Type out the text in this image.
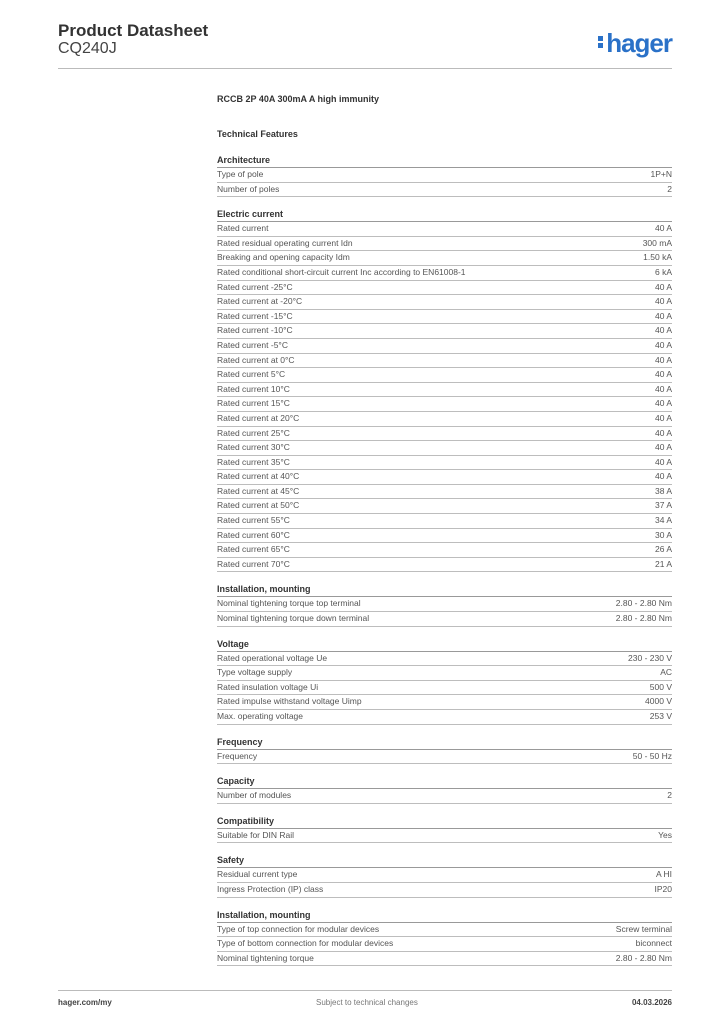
Product Datasheet
CQ240J	hager
RCCB 2P 40A 300mA A high immunity
Technical Features
Architecture
Type of pole	1P+N
Number of poles	2
Electric current
Rated current	40 A
Rated residual operating current Idn	300 mA
Breaking and opening capacity Idm	1.50 kA
Rated conditional short-circuit current Inc according to EN61008-1	6 kA
Rated current -25°C	40 A
Rated current at -20°C	40 A
Rated current -15°C	40 A
Rated current -10°C	40 A
Rated current -5°C	40 A
Rated current at 0°C	40 A
Rated current 5°C	40 A
Rated current 10°C	40 A
Rated current 15°C	40 A
Rated current at 20°C	40 A
Rated current 25°C	40 A
Rated current 30°C	40 A
Rated current 35°C	40 A
Rated current at 40°C	40 A
Rated current at 45°C	38 A
Rated current at 50°C	37 A
Rated current 55°C	34 A
Rated current 60°C	30 A
Rated current 65°C	26 A
Rated current 70°C	21 A
Installation, mounting
Nominal tightening torque top terminal	2.80 - 2.80 Nm
Nominal tightening torque down terminal	2.80 - 2.80 Nm
Voltage
Rated operational voltage Ue	230 - 230 V
Type voltage supply	AC
Rated insulation voltage Ui	500 V
Rated impulse withstand voltage Uimp	4000 V
Max. operating voltage	253 V
Frequency
Frequency	50 - 50 Hz
Capacity
Number of modules	2
Compatibility
Suitable for DIN Rail	Yes
Safety
Residual current type	A HI
Ingress Protection (IP) class	IP20
Installation, mounting
Type of top connection for modular devices	Screw terminal
Type of bottom connection for modular devices	biconnect
Nominal tightening torque	2.80 - 2.80 Nm
hager.com/my	Subject to technical changes	04.03.2026
